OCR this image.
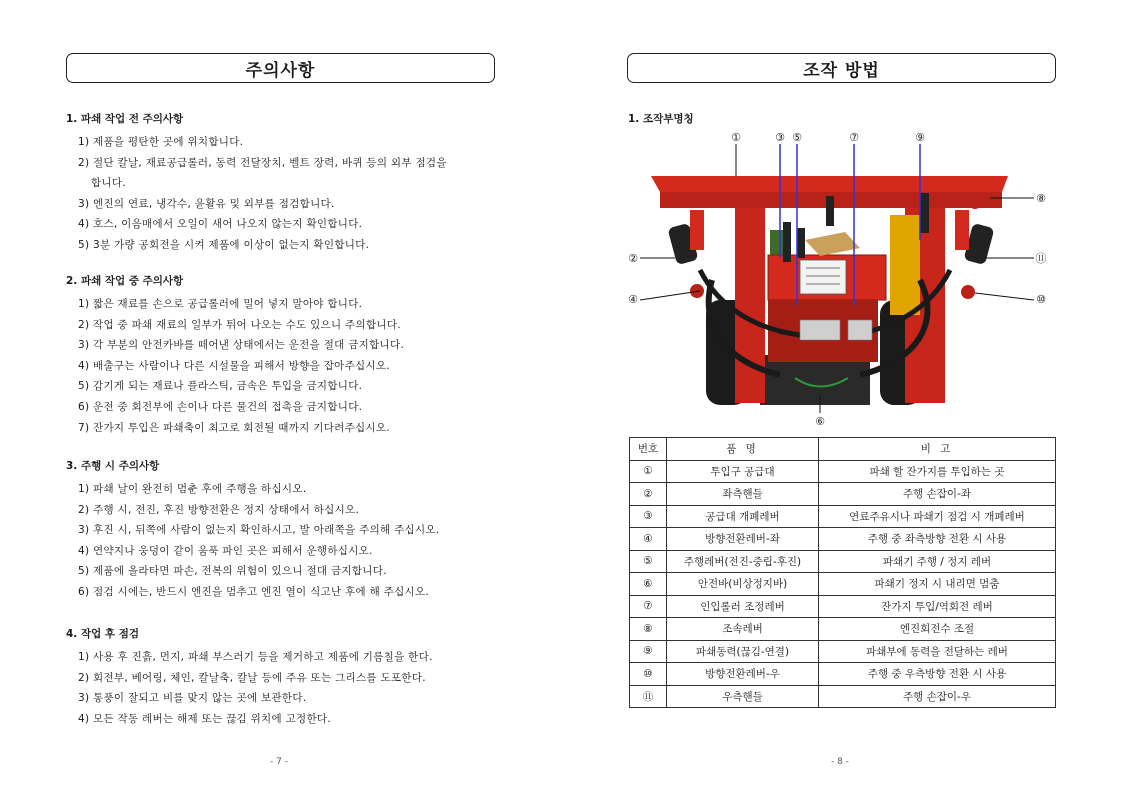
주의사항
1. 파쇄 작업 전 주의사항
1) 제품을 평탄한 곳에 위치합니다.
2) 절단 칼날, 재료공급롤러, 동력 전달장치, 벨트 장력, 바퀴 등의 외부 점검을
합니다.
3) 엔진의 연료, 냉각수, 윤활유 및 외부를 점검합니다.
4) 호스, 이음매에서 오일이 새어 나오지 않는지 확인합니다.
5) 3분 가량 공회전을 시켜 제품에 이상이 없는지 확인합니다.
2. 파쇄 작업 중 주의사항
1) 짧은 재료를 손으로 공급롤러에 밀어 넣지 말아야 합니다.
2) 작업 중 파쇄 재료의 일부가 튀어 나오는 수도 있으니 주의합니다.
3) 각 부분의 안전카바를 떼어낸 상태에서는 운전을 절대 금지합니다.
4) 배출구는 사람이나 다른 시설물을 피해서 방향을 잡아주십시오.
5) 감기게 되는 재료나 플라스틱, 금속은 투입을 금지합니다.
6) 운전 중 회전부에 손이나 다른 물건의 접촉을 금지합니다.
7) 잔가지 투입은 파쇄축이 최고로 회전될 때까지 기다려주십시오.
3. 주행 시 주의사항
1) 파쇄 날이 완전히 멈춘 후에 주행을 하십시오.
2) 주행 시, 전진, 후진 방향전환은 정지 상태에서 하십시오.
3) 후진 시, 뒤쪽에 사람이 없는지 확인하시고, 발 아래쪽을 주의해 주십시오.
4) 연약지나 웅덩이 같이 움푹 파인 곳은 피해서 운행하십시오.
5) 제품에 올라타면 파손, 전복의 위험이 있으니 절대 금지합니다.
6) 점검 시에는, 반드시 엔진을 멈추고 엔진 열이 식고난 후에 해 주십시오.
4. 작업 후 점검
1) 사용 후 진흙, 먼지, 파쇄 부스러기 등을 제거하고 제품에 기름칠을 한다.
2) 회전부, 베어링, 체인, 칼날축, 칼날 등에 주유 또는 그리스를 도포한다.
3) 통풍이 잘되고 비를 맞지 않는 곳에 보관한다.
4) 모든 작동 레버는 해제 또는 끊김 위치에 고정한다.
- 7 -
조작 방법
1. 조작부명칭
①
②
③
④
⑤
⑥
⑦
⑧
⑨
⑩
⑪
번호	품 명	비 고
①	투입구 공급대	파쇄 할 잔가지를 투입하는 곳
②	좌측핸들	주행 손잡이-좌
③	공급대 개폐레버	연료주유시나 파쇄기 점검 시 개폐레버
④	방향전환레버-좌	주행 중 좌측방향 전환 시 사용
⑤	주행레버(전진-중립-후진)	파쇄기 주행 / 정지 레버
⑥	안전바(비상정지바)	파쇄기 정지 시 내리면 멈춤
⑦	인입롤러 조정레버	잔가지 투입/역회전 레버
⑧	조속레버	엔진회전수 조절
⑨	파쇄동력(끊김-연결)	파쇄부에 동력을 전달하는 레버
⑩	방향전환레버-우	주행 중 우측방향 전환 시 사용
⑪	우측핸들	주행 손잡이-우
- 8 -
